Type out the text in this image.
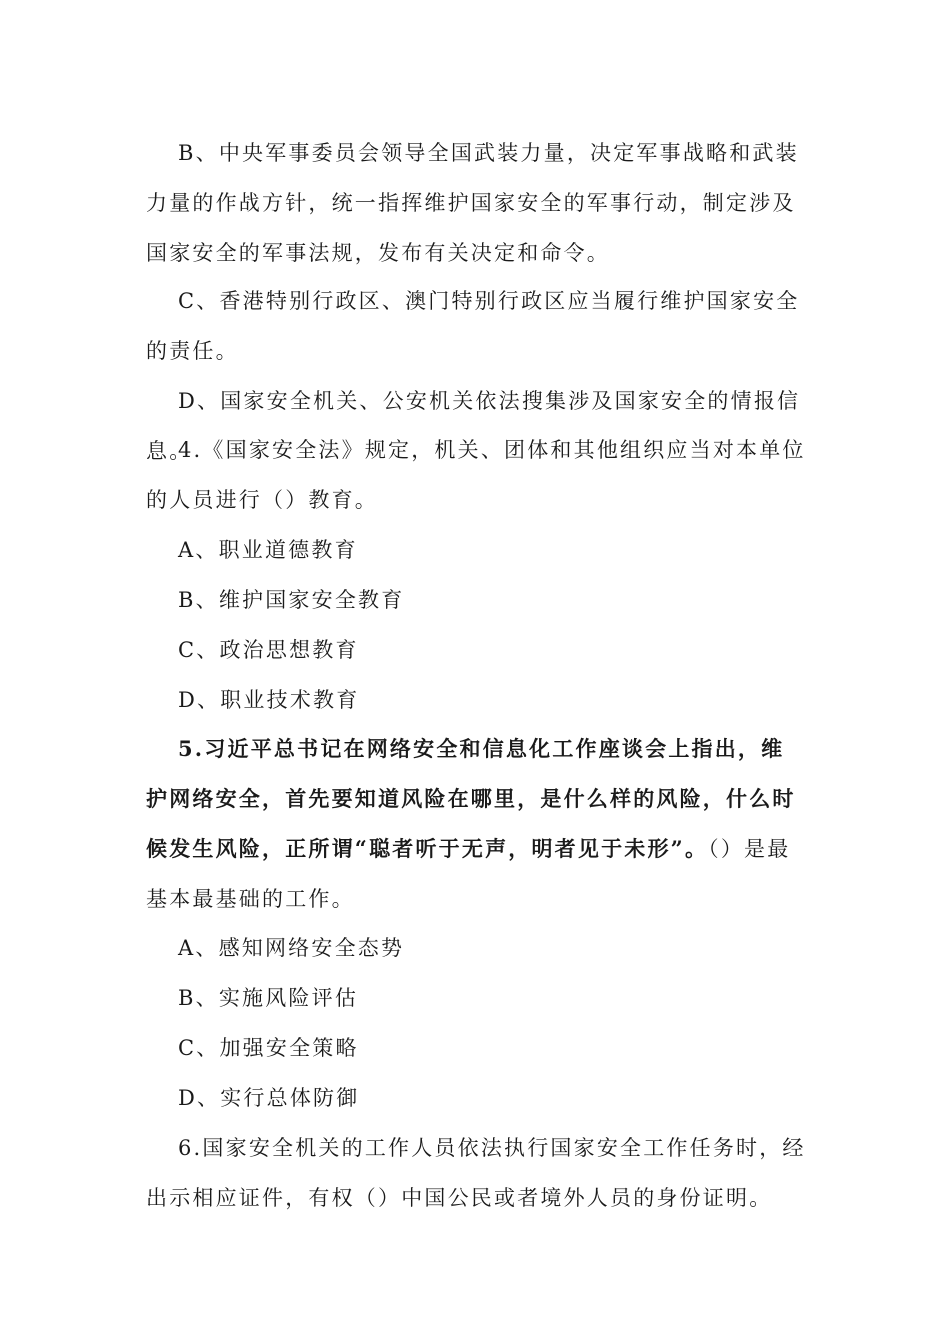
B、中央军事委员会领导全国武装力量，决定军事战略和武装力量的作战方针，统一指挥维护国家安全的军事行动，制定涉及国家安全的军事法规，发布有关决定和命令。

C、香港特别行政区、澳门特别行政区应当履行维护国家安全的责任。

D、国家安全机关、公安机关依法搜集涉及国家安全的情报信息。

4.《国家安全法》规定，机关、团体和其他组织应当对本单位的人员进行（）教育。

A、职业道德教育

B、维护国家安全教育

C、政治思想教育

D、职业技术教育

5.习近平总书记在网络安全和信息化工作座谈会上指出，维护网络安全，首先要知道风险在哪里，是什么样的风险，什么时候发生风险，正所谓“聪者听于无声，明者见于未形”。（）是最基本最基础的工作。

A、感知网络安全态势

B、实施风险评估

C、加强安全策略

D、实行总体防御

6.国家安全机关的工作人员依法执行国家安全工作任务时，经出示相应证件，有权（）中国公民或者境外人员的身份证明。
